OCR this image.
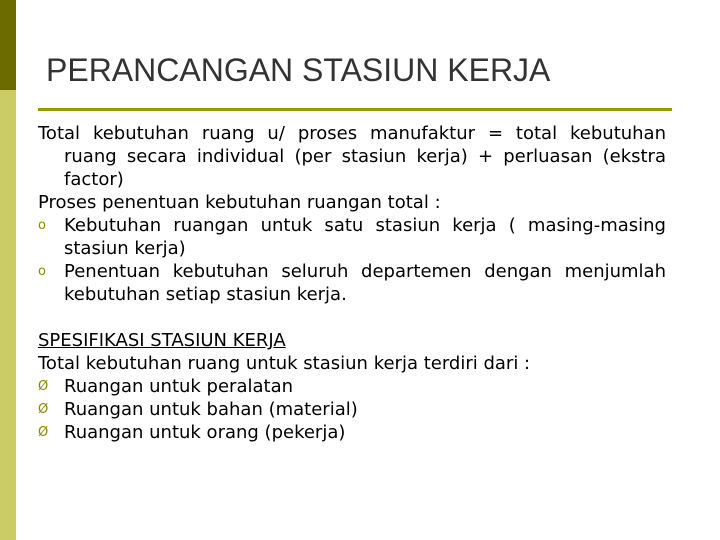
PERANCANGAN STASIUN KERJA

Total kebutuhan ruang u/ proses manufaktur = total kebutuhan ruang secara individual (per stasiun kerja) + perluasan (ekstra factor)

Proses penentuan kebutuhan ruangan total :

o Kebutuhan ruangan untuk satu stasiun kerja ( masing-masing stasiun kerja)
o Penentuan kebutuhan seluruh departemen dengan menjumlah kebutuhan setiap stasiun kerja.

SPESIFIKASI STASIUN KERJA

Total kebutuhan ruang untuk stasiun kerja terdiri dari :

Ø Ruangan untuk peralatan
Ø Ruangan untuk bahan (material)
Ø Ruangan untuk orang (pekerja)
